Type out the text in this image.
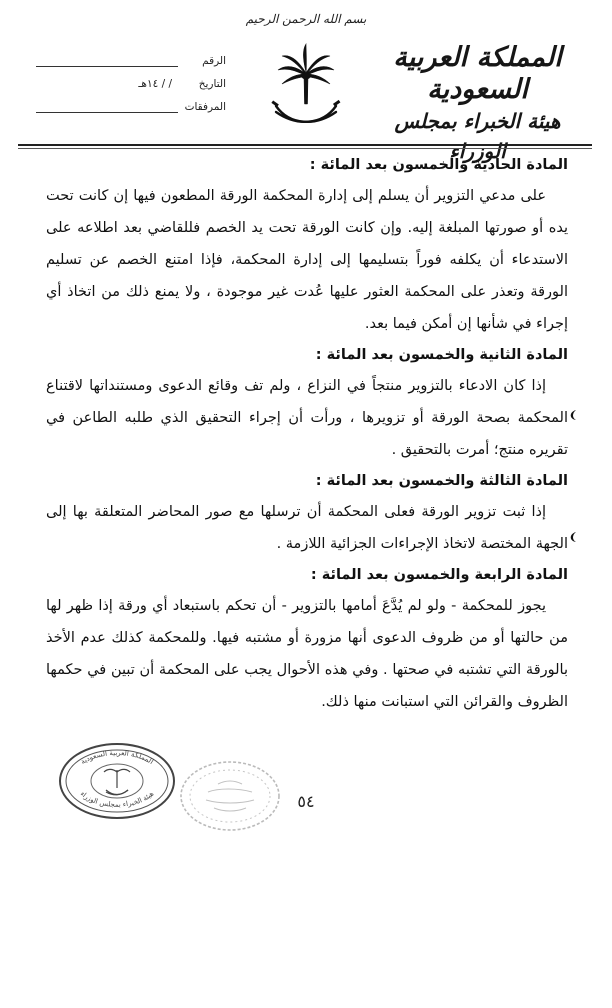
بسم الله الرحمن الرحيم
المملكة العربية السعودية
هيئة الخبراء بمجلس الوزراء
الرقم
التاريخ
/ / ١٤هـ
المرفقات
المادة الحادية والخمسون بعد المائة :

على مدعي التزوير أن يسلم إلى إدارة المحكمة الورقة المطعون فيها إن كانت تحت يده أو صورتها المبلغة إليه. وإن كانت الورقة تحت يد الخصم فللقاضي بعد اطلاعه على الاستدعاء أن يكلفه فوراً بتسليمها إلى إدارة المحكمة، فإذا امتنع الخصم عن تسليم الورقة وتعذر على المحكمة العثور عليها عُدت غير موجودة ، ولا يمنع ذلك من اتخاذ أي إجراء في شأنها إن أمكن فيما بعد.

المادة الثانية والخمسون بعد المائة :

إذا كان الادعاء بالتزوير منتجاً في النزاع ، ولم تف وقائع الدعوى ومستنداتها لاقتناع المحكمة بصحة الورقة أو تزويرها ، ورأت أن إجراء التحقيق الذي طلبه الطاعن في تقريره منتج؛ أمرت بالتحقيق .

المادة الثالثة والخمسون بعد المائة :

إذا ثبت تزوير الورقة فعلى المحكمة أن ترسلها مع صور المحاضر المتعلقة بها إلى الجهة المختصة لاتخاذ الإجراءات الجزائية اللازمة .

المادة الرابعة والخمسون بعد المائة :

يجوز للمحكمة - ولو لم يُدَّعَ أمامها بالتزوير - أن تحكم باستبعاد أي ورقة إذا ظهر لها من حالتها أو من ظروف الدعوى أنها مزورة أو مشتبه فيها. وللمحكمة كذلك عدم الأخذ بالورقة التي تشتبه في صحتها . وفي هذه الأحوال يجب على المحكمة أن تبين في حكمها الظروف والقرائن التي استبانت منها ذلك.

المملكة العربية السعودية
هيئة الخبراء بمجلس الوزراء	٥٤
